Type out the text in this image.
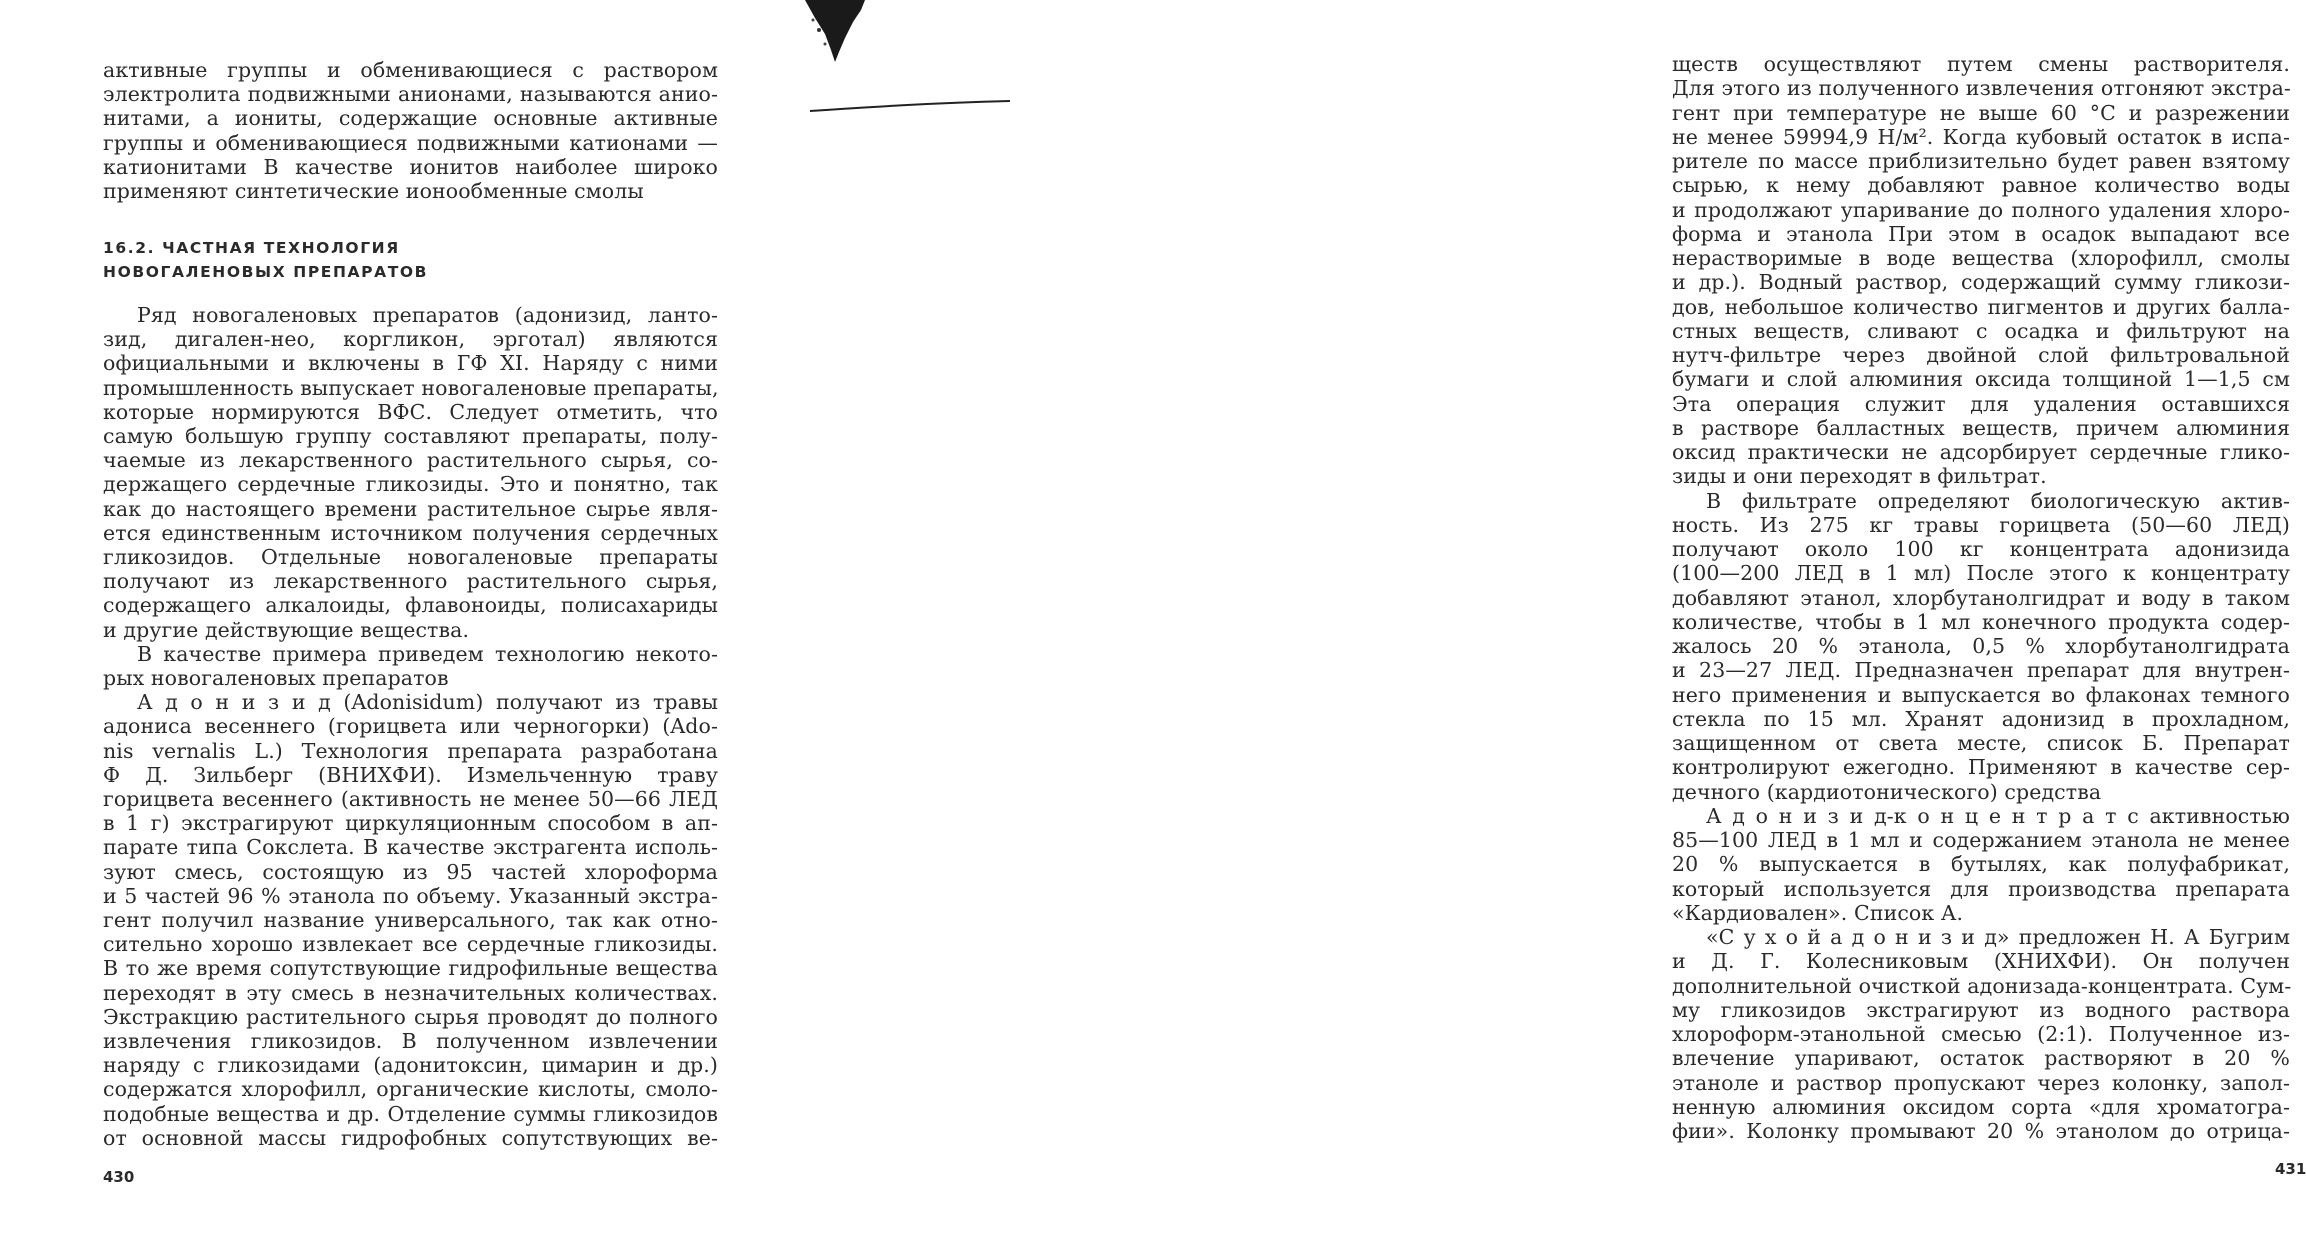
активные группы и обменивающиеся с раствором
электролита подвижными анионами, называются анио-
нитами, а иониты, содержащие основные активные
группы и обменивающиеся подвижными катионами —
катионитами В качестве ионитов наиболее широко
применяют синтетические ионообменные смолы
16.2. ЧАСТНАЯ ТЕХНОЛОГИЯ
НОВОГАЛЕНОВЫХ ПРЕПАРАТОВ
Ряд новогаленовых препаратов (адонизид, ланто-
зид, дигален-нео, коргликон, эрготал) являются
официальными и включены в ГФ XI. Наряду с ними
промышленность выпускает новогаленовые препараты,
которые нормируются ВФС. Следует отметить, что
самую большую группу составляют препараты, полу-
чаемые из лекарственного растительного сырья, со-
держащего сердечные гликозиды. Это и понятно, так
как до настоящего времени растительное сырье явля-
ется единственным источником получения сердечных
гликозидов. Отдельные новогаленовые препараты
получают из лекарственного растительного сырья,
содержащего алкалоиды, флавоноиды, полисахариды
и другие действующие вещества.
В качестве примера приведем технологию некото-
рых новогаленовых препаратов
А д о н и з и д (Adonisidum) получают из травы
адониса весеннего (горицвета или черногорки) (Ado-
nis vernalis L.) Технология препарата разработана
Ф Д. Зильберг (ВНИХФИ). Измельченную траву
горицвета весеннего (активность не менее 50—66 ЛЕД
в 1 г) экстрагируют циркуляционным способом в ап-
парате типа Сокслета. В качестве экстрагента исполь-
зуют смесь, состоящую из 95 частей хлороформа
и 5 частей 96 % этанола по объему. Указанный экстра-
гент получил название универсального, так как отно-
сительно хорошо извлекает все сердечные гликозиды.
В то же время сопутствующие гидрофильные вещества
переходят в эту смесь в незначительных количествах.
Экстракцию растительного сырья проводят до полного
извлечения гликозидов. В полученном извлечении
наряду с гликозидами (адонитоксин, цимарин и др.)
содержатся хлорофилл, органические кислоты, смоло-
подобные вещества и др. Отделение суммы гликозидов
от основной массы гидрофобных сопутствующих ве-
430
ществ осуществляют путем смены растворителя.
Для этого из полученного извлечения отгоняют экстра-
гент при температуре не выше 60 °С и разрежении
не менее 59994,9 Н/м². Когда кубовый остаток в испа-
рителе по массе приблизительно будет равен взятому
сырью, к нему добавляют равное количество воды
и продолжают упаривание до полного удаления хлоро-
форма и этанола При этом в осадок выпадают все
нерастворимые в воде вещества (хлорофилл, смолы
и др.). Водный раствор, содержащий сумму гликози-
дов, небольшое количество пигментов и других балла-
стных веществ, сливают с осадка и фильтруют на
нутч-фильтре через двойной слой фильтровальной
бумаги и слой алюминия оксида толщиной 1—1,5 см
Эта операция служит для удаления оставшихся
в растворе балластных веществ, причем алюминия
оксид практически не адсорбирует сердечные глико-
зиды и они переходят в фильтрат.
В фильтрате определяют биологическую актив-
ность. Из 275 кг травы горицвета (50—60 ЛЕД)
получают около 100 кг концентрата адонизида
(100—200 ЛЕД в 1 мл) После этого к концентрату
добавляют этанол, хлорбутанолгидрат и воду в таком
количестве, чтобы в 1 мл конечного продукта содер-
жалось 20 % этанола, 0,5 % хлорбутанолгидрата
и 23—27 ЛЕД. Предназначен препарат для внутрен-
него применения и выпускается во флаконах темного
стекла по 15 мл. Хранят адонизид в прохладном,
защищенном от света месте, список Б. Препарат
контролируют ежегодно. Применяют в качестве сер-
дечного (кардиотонического) средства
А д о н и з и д-к о н ц е н т р а т с активностью
85—100 ЛЕД в 1 мл и содержанием этанола не менее
20 % выпускается в бутылях, как полуфабрикат,
который используется для производства препарата
«Кардиовален». Список А.
«С у х о й а д о н и з и д» предложен Н. А Бугрим
и Д. Г. Колесниковым (ХНИХФИ). Он получен
дополнительной очисткой адонизада-концентрата. Сум-
му гликозидов экстрагируют из водного раствора
хлороформ-этанольной смесью (2:1). Полученное из-
влечение упаривают, остаток растворяют в 20 %
этаноле и раствор пропускают через колонку, запол-
ненную алюминия оксидом сорта «для хроматогра-
фии». Колонку промывают 20 % этанолом до отрица-
431
